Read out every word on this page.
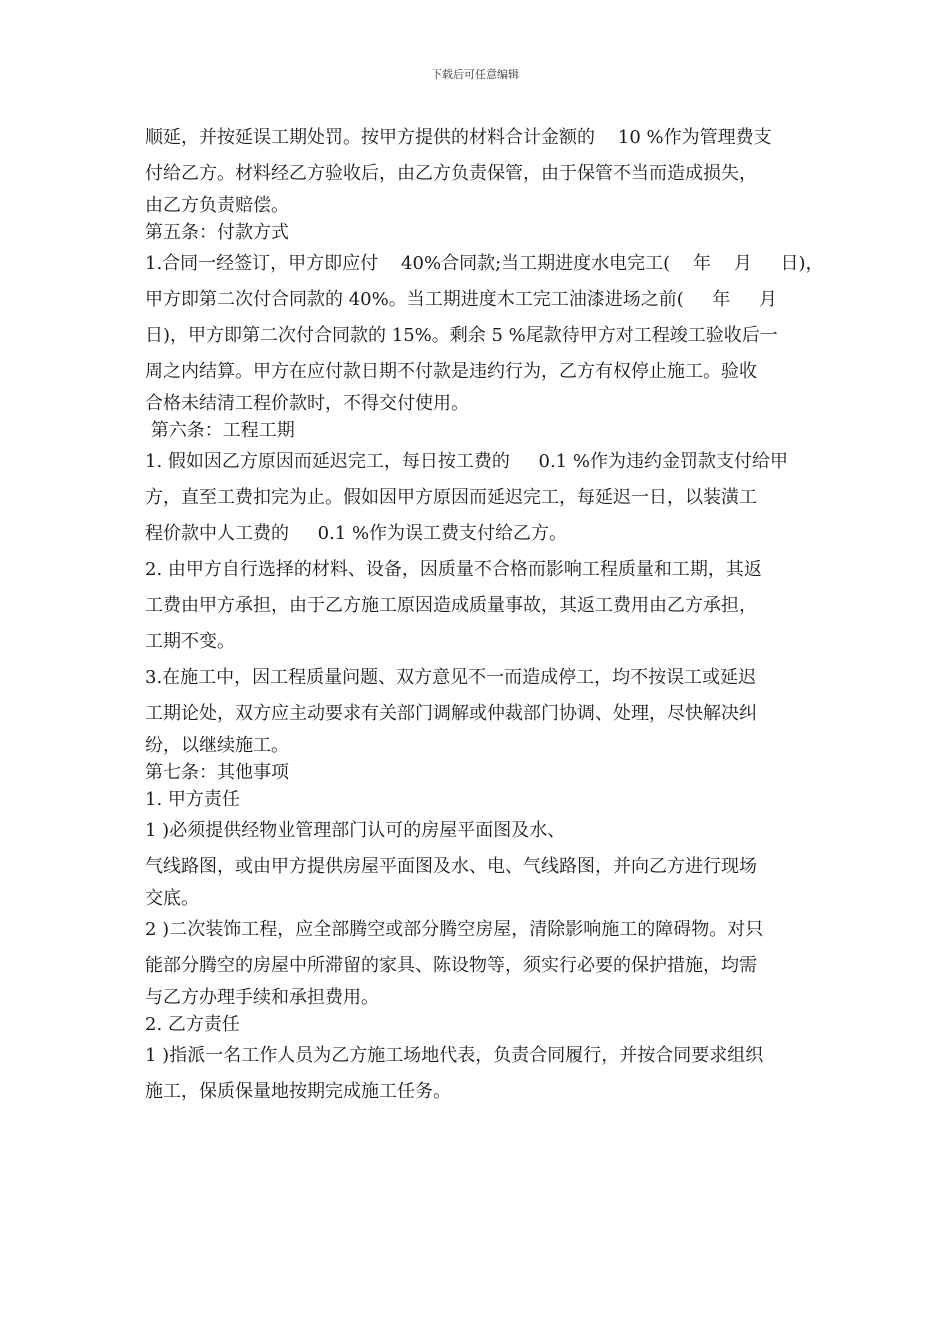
下载后可任意编辑
顺延，并按延误工期处罚。按甲方提供的材料合计金额的    10 %作为管理费支
付给乙方。材料经乙方验收后，由乙方负责保管，由于保管不当而造成损失，
由乙方负责赔偿。
第五条：付款方式
1.合同一经签订，甲方即应付    40%合同款;当工期进度水电完工(    年    月     日)，
甲方即第二次付合同款的 40%。当工期进度木工完工油漆进场之前(     年     月
日)，甲方即第二次付合同款的 15%。剩余 5 %尾款待甲方对工程竣工验收后一
周之内结算。甲方在应付款日期不付款是违约行为，乙方有权停止施工。验收
合格未结清工程价款时，不得交付使用。
第六条：工程工期
1. 假如因乙方原因而延迟完工，每日按工费的     0.1 %作为违约金罚款支付给甲
方，直至工费扣完为止。假如因甲方原因而延迟完工，每延迟一日，以装潢工
程价款中人工费的     0.1 %作为误工费支付给乙方。
2. 由甲方自行选择的材料、设备，因质量不合格而影响工程质量和工期，其返
工费由甲方承担，由于乙方施工原因造成质量事故，其返工费用由乙方承担，
工期不变。
3.在施工中，因工程质量问题、双方意见不一而造成停工，均不按误工或延迟
工期论处，双方应主动要求有关部门调解或仲裁部门协调、处理，尽快解决纠
纷，以继续施工。
第七条：其他事项
1. 甲方责任
1 )必须提供经物业管理部门认可的房屋平面图及水、
气线路图，或由甲方提供房屋平面图及水、电、气线路图，并向乙方进行现场
交底。
2 )二次装饰工程，应全部腾空或部分腾空房屋，清除影响施工的障碍物。对只
能部分腾空的房屋中所滞留的家具、陈设物等，须实行必要的保护措施，均需
与乙方办理手续和承担费用。
2. 乙方责任
1 )指派一名工作人员为乙方施工场地代表，负责合同履行，并按合同要求组织
施工，保质保量地按期完成施工任务。
